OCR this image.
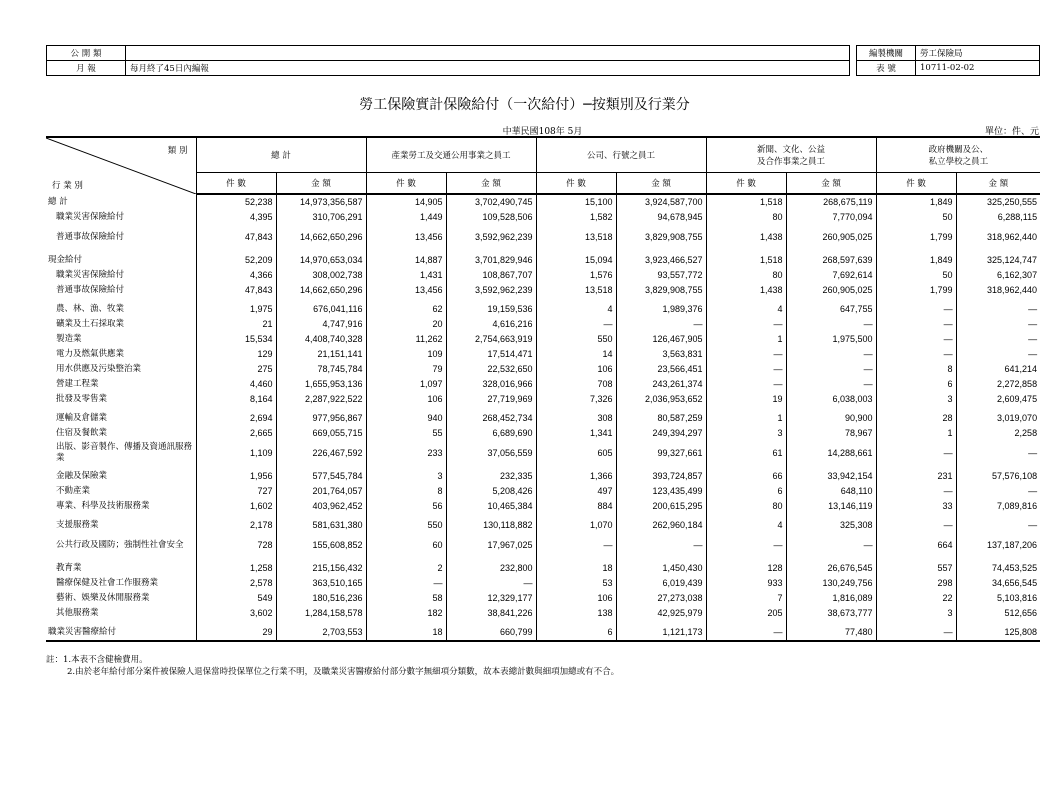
公 開 類	
月 報	每月終了45日內編報
編製機關	勞工保險局
表 號	10711-02-02
勞工保險實計保險給付（一次給付）─按類別及行業分
中華民國108年 5月	單位：件、元
類 別
行 業 別	總 計		產業勞工及交通公用事業之員工		公司、行號之員工		新聞、文化、公益
及合作事業之員工		政府機關及公、
私立學校之員工	
	件 數	金 額	件 數	金 額	件 數	金 額	件 數	金 額	件 數	金 額
總 計	52,238	14,973,356,587	14,905	3,702,490,745	15,100	3,924,587,700	1,518	268,675,119	1,849	325,250,555
職業災害保險給付	4,395	310,706,291	1,449	109,528,506	1,582	94,678,945	80	7,770,094	50	6,288,115
普通事故保險給付	47,843	14,662,650,296	13,456	3,592,962,239	13,518	3,829,908,755	1,438	260,905,025	1,799	318,962,440
現金給付	52,209	14,970,653,034	14,887	3,701,829,946	15,094	3,923,466,527	1,518	268,597,639	1,849	325,124,747
職業災害保險給付	4,366	308,002,738	1,431	108,867,707	1,576	93,557,772	80	7,692,614	50	6,162,307
普通事故保險給付	47,843	14,662,650,296	13,456	3,592,962,239	13,518	3,829,908,755	1,438	260,905,025	1,799	318,962,440
農、林、漁、牧業	1,975	676,041,116	62	19,159,536	4	1,989,376	4	647,755	—	—
礦業及土石採取業	21	4,747,916	20	4,616,216	—	—	—	—	—	—
製造業	15,534	4,408,740,328	11,262	2,754,663,919	550	126,467,905	1	1,975,500	—	—
電力及燃氣供應業	129	21,151,141	109	17,514,471	14	3,563,831	—	—	—	—
用水供應及污染整治業	275	78,745,784	79	22,532,650	106	23,566,451	—	—	8	641,214
營建工程業	4,460	1,655,953,136	1,097	328,016,966	708	243,261,374	—	—	6	2,272,858
批發及零售業	8,164	2,287,922,522	106	27,719,969	7,326	2,036,953,652	19	6,038,003	3	2,609,475
運輸及倉儲業	2,694	977,956,867	940	268,452,734	308	80,587,259	1	90,900	28	3,019,070
住宿及餐飲業	2,665	669,055,715	55	6,689,690	1,341	249,394,297	3	78,967	1	2,258
出版、影音製作、傳播及資通訊服務業	1,109	226,467,592	233	37,056,559	605	99,327,661	61	14,288,661	—	—
金融及保險業	1,956	577,545,784	3	232,335	1,366	393,724,857	66	33,942,154	231	57,576,108
不動產業	727	201,764,057	8	5,208,426	497	123,435,499	6	648,110	—	—
專業、科學及技術服務業	1,602	403,962,452	56	10,465,384	884	200,615,295	80	13,146,119	33	7,089,816
支援服務業	2,178	581,631,380	550	130,118,882	1,070	262,960,184	4	325,308	—	—
公共行政及國防；強制性社會安全	728	155,608,852	60	17,967,025	—	—	—	—	664	137,187,206
教育業	1,258	215,156,432	2	232,800	18	1,450,430	128	26,676,545	557	74,453,525
醫療保健及社會工作服務業	2,578	363,510,165	—	—	53	6,019,439	933	130,249,756	298	34,656,545
藝術、娛樂及休閒服務業	549	180,516,236	58	12,329,177	106	27,273,038	7	1,816,089	22	5,103,816
其他服務業	3,602	1,284,158,578	182	38,841,226	138	42,925,979	205	38,673,777	3	512,656
職業災害醫療給付	29	2,703,553	18	660,799	6	1,121,173	—	77,480	—	125,808
註：1.本表不含健檢費用。
2.由於老年給付部分案件被保險人退保當時投保單位之行業不明，及職業災害醫療給付部分數字無細項分類數，故本表總計數與細項加總或有不合。
